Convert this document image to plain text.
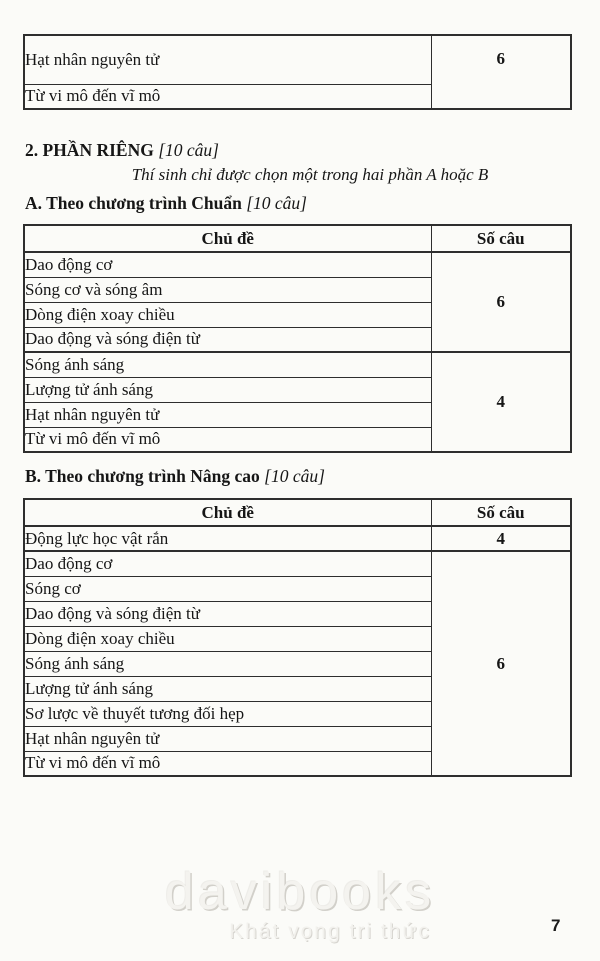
Hạt nhân nguyên tử	6
Từ vi mô đến vĩ mô
2. PHẦN RIÊNG [10 câu]

Thí sinh chỉ được chọn một trong hai phần A hoặc B

A. Theo chương trình Chuẩn [10 câu]
Chủ đề	Số câu
Dao động cơ	6
Sóng cơ và sóng âm	
Dòng điện xoay chiều	
Dao động và sóng điện từ	
Sóng ánh sáng	4
Lượng tử ánh sáng	
Hạt nhân nguyên tử	
Từ vi mô đến vĩ mô	
B. Theo chương trình Nâng cao [10 câu]
Chủ đề	Số câu
Động lực học vật rắn	4
Dao động cơ	6
Sóng cơ	
Dao động và sóng điện từ	
Dòng điện xoay chiều	
Sóng ánh sáng	
Lượng tử ánh sáng	
Sơ lược về thuyết tương đối hẹp	
Hạt nhân nguyên tử	
Từ vi mô đến vĩ mô	
davibooks
Khát vọng tri thức	7
